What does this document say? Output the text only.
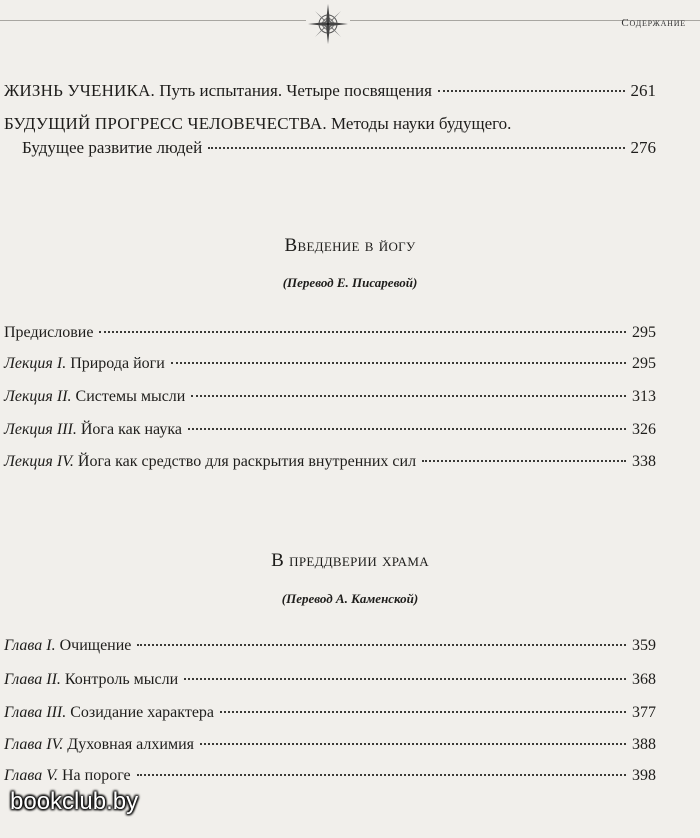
Содержание
ЖИЗНЬ УЧЕНИКА. Путь испытания. Четыре посвящения	261
БУДУЩИЙ ПРОГРЕСС ЧЕЛОВЕЧЕСТВА. Методы науки будущего.
Будущее развитие людей	276
Введение в йогу
(Перевод Е. Писаревой)
Предисловие	295
Лекция I. Природа йоги	295
Лекция II. Системы мысли	313
Лекция III. Йога как наука	326
Лекция IV. Йога как средство для раскрытия внутренних сил	338
В преддверии храма
(Перевод А. Каменской)
Глава I. Очищение	359
Глава II. Контроль мысли	368
Глава III. Созидание характера	377
Глава IV. Духовная алхимия	388
Глава V. На пороге	398
bookclub.by
